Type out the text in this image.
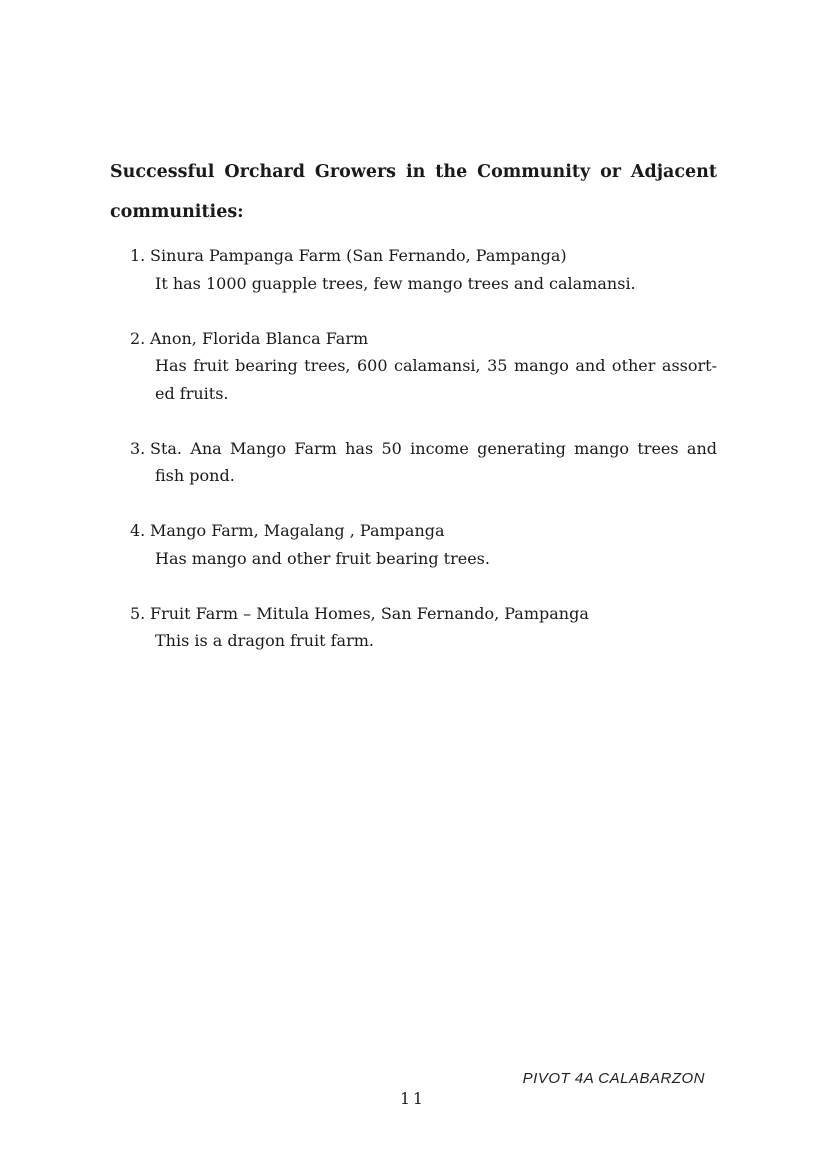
Successful Orchard Growers in the Community or Adjacent
communities:
1. Sinura Pampanga Farm (San Fernando, Pampanga)
It has 1000 guapple trees, few mango trees and calamansi.
2. Anon, Florida Blanca Farm
Has fruit bearing trees, 600 calamansi, 35 mango and other assort-
ed fruits.
3. Sta. Ana Mango Farm has 50 income generating mango trees and
fish pond.
4. Mango Farm, Magalang , Pampanga
Has mango and other fruit bearing trees.
5. Fruit Farm – Mitula Homes, San Fernando, Pampanga
This is a dragon fruit farm.
PIVOT 4A CALABARZON
11
